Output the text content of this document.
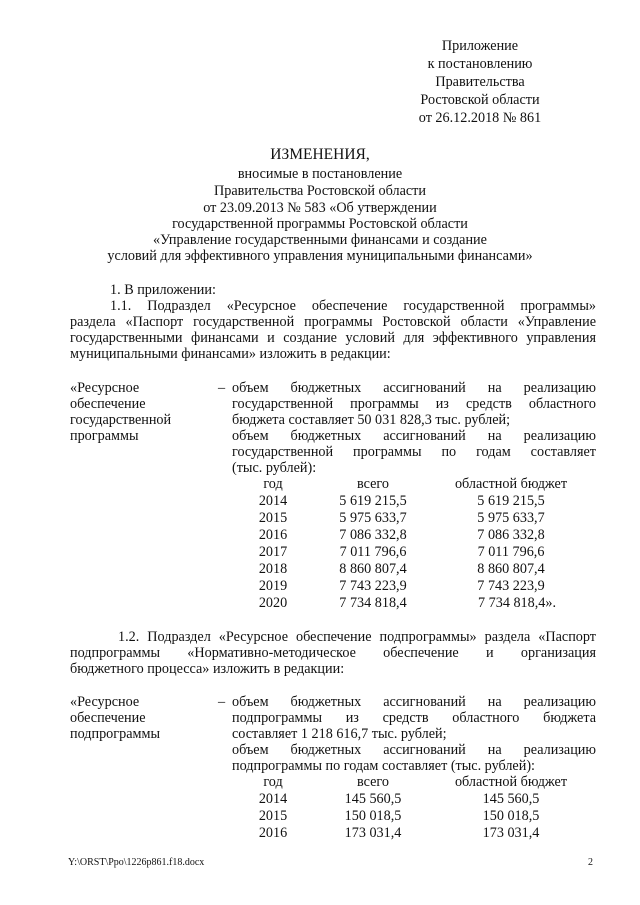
Приложение
к постановлению
Правительства
Ростовской области
от 26.12.2018 № 861
ИЗМЕНЕНИЯ,
вносимые в постановление
Правительства Ростовской области
от 23.09.2013 № 583 «Об утверждении
государственной программы Ростовской области
«Управление государственными финансами и создание
условий для эффективного управления муниципальными финансами»
1. В приложении:
1.1. Подраздел «Ресурсное обеспечение государственной программы»
раздела «Паспорт государственной программы Ростовской области «Управление
государственными финансами и создание условий для эффективного управления
муниципальными финансами» изложить в редакции:
«Ресурсное
обеспечение
государственной
программы
– объем бюджетных ассигнований на реализацию
государственной программы из средств областного
бюджета составляет 50 031 828,3 тыс. рублей;
объем бюджетных ассигнований на реализацию
государственной программы по годам составляет
(тыс. рублей):
год	всего	областной бюджет
2014	5 619 215,5	5 619 215,5
2015	5 975 633,7	5 975 633,7
2016	7 086 332,8	7 086 332,8
2017	7 011 796,6	7 011 796,6
2018	8 860 807,4	8 860 807,4
2019	7 743 223,9	7 743 223,9
2020	7 734 818,4	7 734 818,4».
1.2. Подраздел «Ресурсное обеспечение подпрограммы» раздела «Паспорт
подпрограммы «Нормативно-методическое обеспечение и организация
бюджетного процесса» изложить в редакции:
«Ресурсное
обеспечение
подпрограммы
– объем бюджетных ассигнований на реализацию
подпрограммы из средств областного бюджета
составляет 1 218 616,7 тыс. рублей;
объем бюджетных ассигнований на реализацию
подпрограммы по годам составляет (тыс. рублей):
год	всего	областной бюджет
2014	145 560,5	145 560,5
2015	150 018,5	150 018,5
2016	173 031,4	173 031,4
Y:\ORST\Ppo\1226p861.f18.docx	2
